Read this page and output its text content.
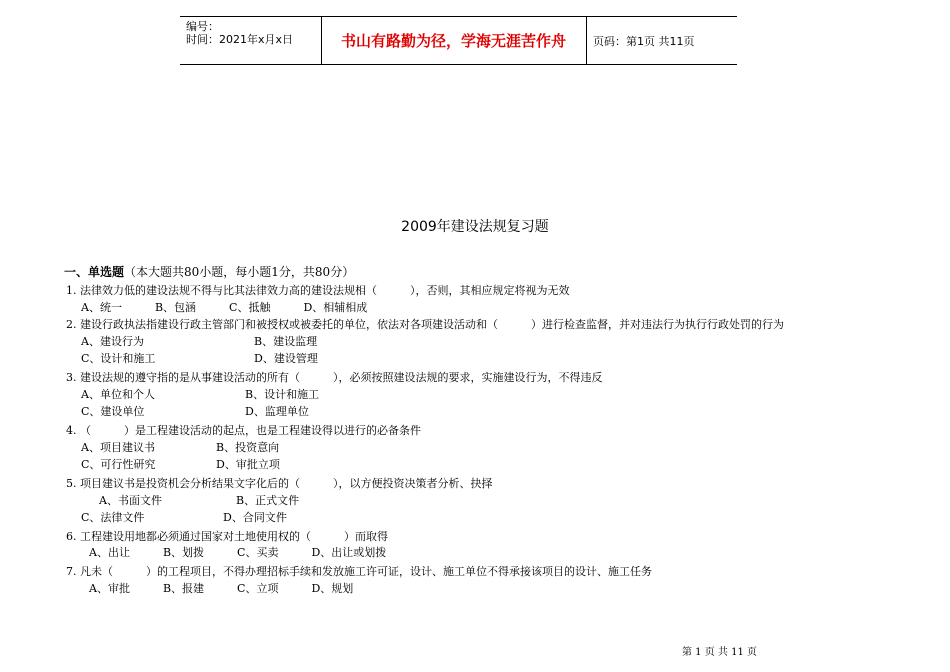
编号：
时间：2021年x月x日	书山有路勤为径，学海无涯苦作舟	页码：第1页 共11页
2009年建设法规复习题
一、单选题（本大题共80小题，每小题1分，共80分）
1. 法律效力低的建设法规不得与比其法律效力高的建设法规相（　　　），否则，其相应规定将视为无效
A、统一　　　B、包涵　　　C、抵触　　　D、相辅相成
2. 建设行政执法指建设行政主管部门和被授权或被委托的单位，依法对各项建设活动和（　　　）进行检查监督，并对违法行为执行行政处罚的行为
A、建设行为	B、建设监理
C、设计和施工	D、建设管理
3. 建设法规的遵守指的是从事建设活动的所有（　　　），必须按照建设法规的要求，实施建设行为，不得违反
A、单位和个人	B、设计和施工
C、建设单位	D、监理单位
4. （　　　）是工程建设活动的起点，也是工程建设得以进行的必备条件
A、项目建议书	B、投资意向
C、可行性研究	D、审批立项
5. 项目建议书是投资机会分析结果文字化后的（　　　），以方便投资决策者分析、抉择
A、书面文件	B、正式文件
C、法律文件	D、合同文件
6. 工程建设用地都必须通过国家对土地使用权的（　　　）而取得
A、出让　　　B、划拨　　　C、买卖　　　D、出让或划拨
7. 凡未（　　　）的工程项目，不得办理招标手续和发放施工许可证，设计、施工单位不得承接该项目的设计、施工任务
A、审批　　　B、报建　　　C、立项　　　D、规划
第 1 页 共 11 页
